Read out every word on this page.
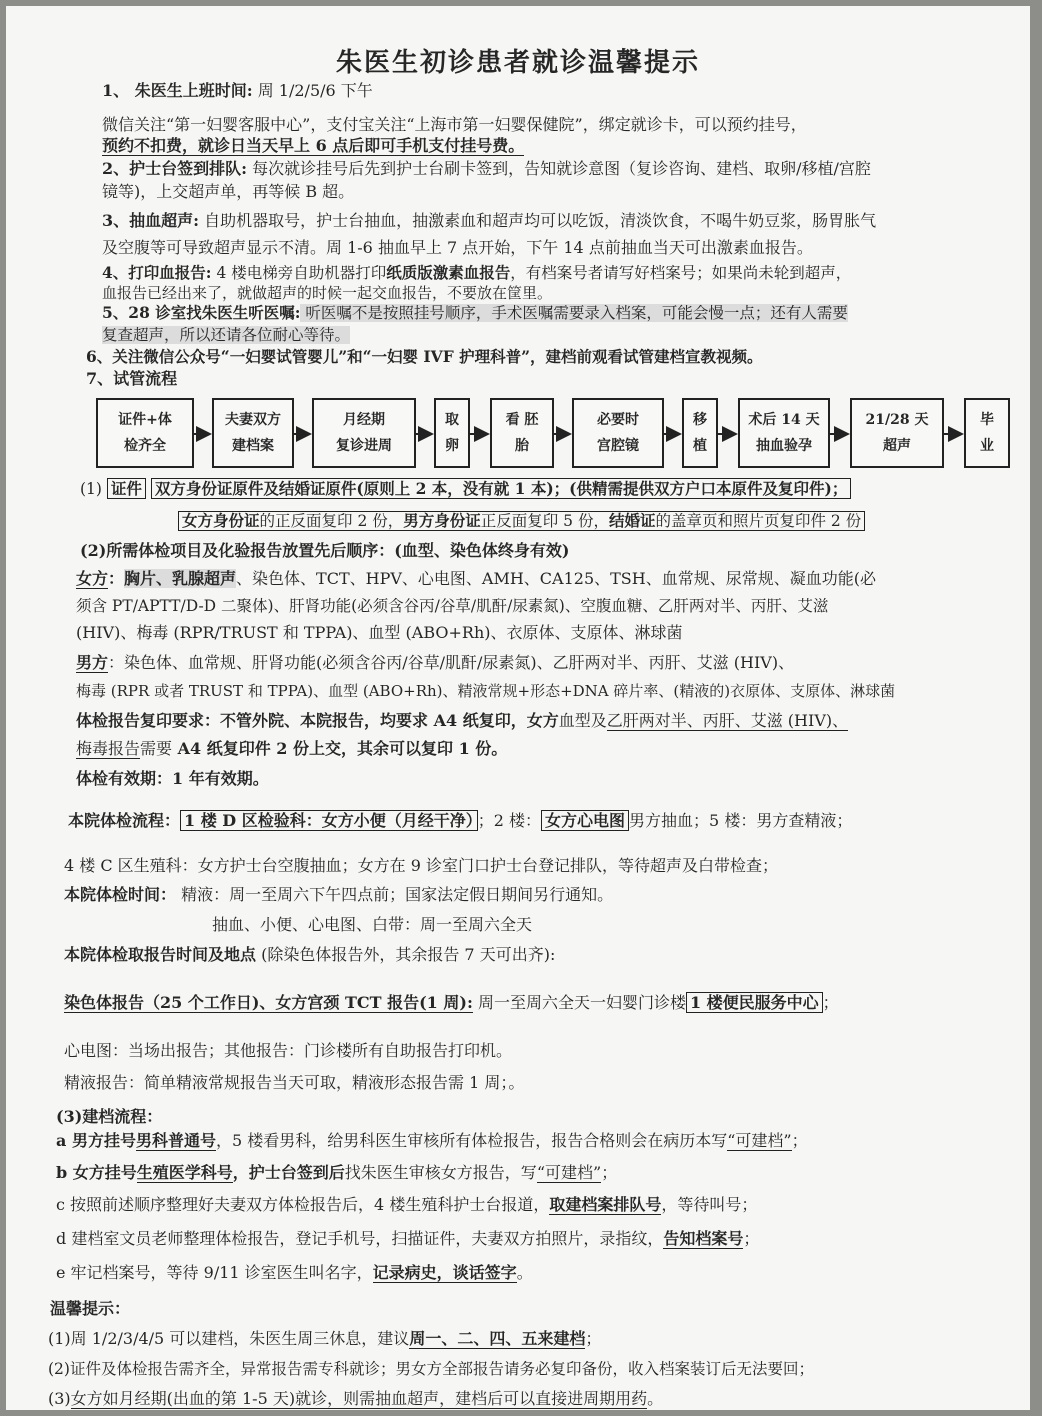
朱医生初诊患者就诊温馨提示
1、 朱医生上班时间: 周 1/2/5/6 下午
微信关注“第一妇婴客服中心”，支付宝关注“上海市第一妇婴保健院”，绑定就诊卡，可以预约挂号，
预约不扣费，就诊日当天早上 6 点后即可手机支付挂号费。
2、护士台签到排队: 每次就诊挂号后先到护士台刷卡签到，告知就诊意图（复诊咨询、建档、取卵/移植/宫腔
镜等)，上交超声单，再等候 B 超。
3、抽血超声: 自助机器取号，护士台抽血，抽激素血和超声均可以吃饭，清淡饮食，不喝牛奶豆浆，肠胃胀气
及空腹等可导致超声显示不清。周 1-6 抽血早上 7 点开始，下午 14 点前抽血当天可出激素血报告。
4、打印血报告: 4 楼电梯旁自助机器打印纸质版激素血报告，有档案号者请写好档案号；如果尚未轮到超声，
血报告已经出来了，就做超声的时候一起交血报告，不要放在筐里。
5、28 诊室找朱医生听医嘱: 听医嘱不是按照挂号顺序，手术医嘱需要录入档案，可能会慢一点；还有人需要
复查超声，所以还请各位耐心等待。
6、关注微信公众号“一妇婴试管婴儿”和“一妇婴 IVF 护理科普”，建档前观看试管建档宣教视频。
7、试管流程
证件+体
检齐全
夫妻双方
建档案
月经期
复诊进周
取
卵
看 胚
胎
必要时
宫腔镜
移
植
术后 14 天
抽血验孕
21/28 天
超声
毕
业
(1) 证件 双方身份证原件及结婚证原件(原则上 2 本，没有就 1 本)；(供精需提供双方户口本原件及复印件)；
女方身份证的正反面复印 2 份，男方身份证正反面复印 5 份，结婚证的盖章页和照片页复印件 2 份
(2)所需体检项目及化验报告放置先后顺序：(血型、染色体终身有效)
女方：胸片、乳腺超声、染色体、TCT、HPV、心电图、AMH、CA125、TSH、血常规、尿常规、凝血功能(必
须含 PT/APTT/D-D 二聚体)、肝肾功能(必须含谷丙/谷草/肌酐/尿素氮)、空腹血糖、乙肝两对半、丙肝、艾滋
(HIV)、梅毒 (RPR/TRUST 和 TPPA)、血型 (ABO+Rh)、衣原体、支原体、淋球菌
男方：染色体、血常规、肝肾功能(必须含谷丙/谷草/肌酐/尿素氮)、乙肝两对半、丙肝、艾滋 (HIV)、
梅毒 (RPR 或者 TRUST 和 TPPA)、血型 (ABO+Rh)、精液常规+形态+DNA 碎片率、(精液的)衣原体、支原体、淋球菌
体检报告复印要求：不管外院、本院报告，均要求 A4 纸复印，女方血型及乙肝两对半、丙肝、艾滋 (HIV)、
梅毒报告需要 A4 纸复印件 2 份上交，其余可以复印 1 份。
体检有效期：1 年有效期。
本院体检流程： 1 楼 D 区检验科：女方小便（月经干净） ；2 楼： 女方心电图 男方抽血；5 楼：男方查精液；
4 楼 C 区生殖科：女方护士台空腹抽血；女方在 9 诊室门口护士台登记排队，等待超声及白带检查；
本院体检时间： 精液：周一至周六下午四点前；国家法定假日期间另行通知。
抽血、小便、心电图、白带：周一至周六全天
本院体检取报告时间及地点 (除染色体报告外，其余报告 7 天可出齐):
染色体报告（25 个工作日)、女方宫颈 TCT 报告(1 周): 周一至周六全天一妇婴门诊楼 1 楼便民服务中心 ；
心电图：当场出报告；其他报告：门诊楼所有自助报告打印机。
精液报告：简单精液常规报告当天可取，精液形态报告需 1 周；。
(3)建档流程：
a 男方挂号男科普通号，5 楼看男科，给男科医生审核所有体检报告，报告合格则会在病历本写“可建档”；
b 女方挂号生殖医学科号，护士台签到后找朱医生审核女方报告，写“可建档”；
c 按照前述顺序整理好夫妻双方体检报告后，4 楼生殖科护士台报道，取建档案排队号，等待叫号；
d 建档室文员老师整理体检报告，登记手机号，扫描证件，夫妻双方拍照片，录指纹，告知档案号；
e 牢记档案号，等待 9/11 诊室医生叫名字，记录病史，谈话签字。
温馨提示：
(1)周 1/2/3/4/5 可以建档，朱医生周三休息，建议周一、二、四、五来建档；
(2)证件及体检报告需齐全，异常报告需专科就诊；男女方全部报告请务必复印备份，收入档案装订后无法要回；
(3)女方如月经期(出血的第 1-5 天)就诊，则需抽血超声，建档后可以直接进周期用药。
